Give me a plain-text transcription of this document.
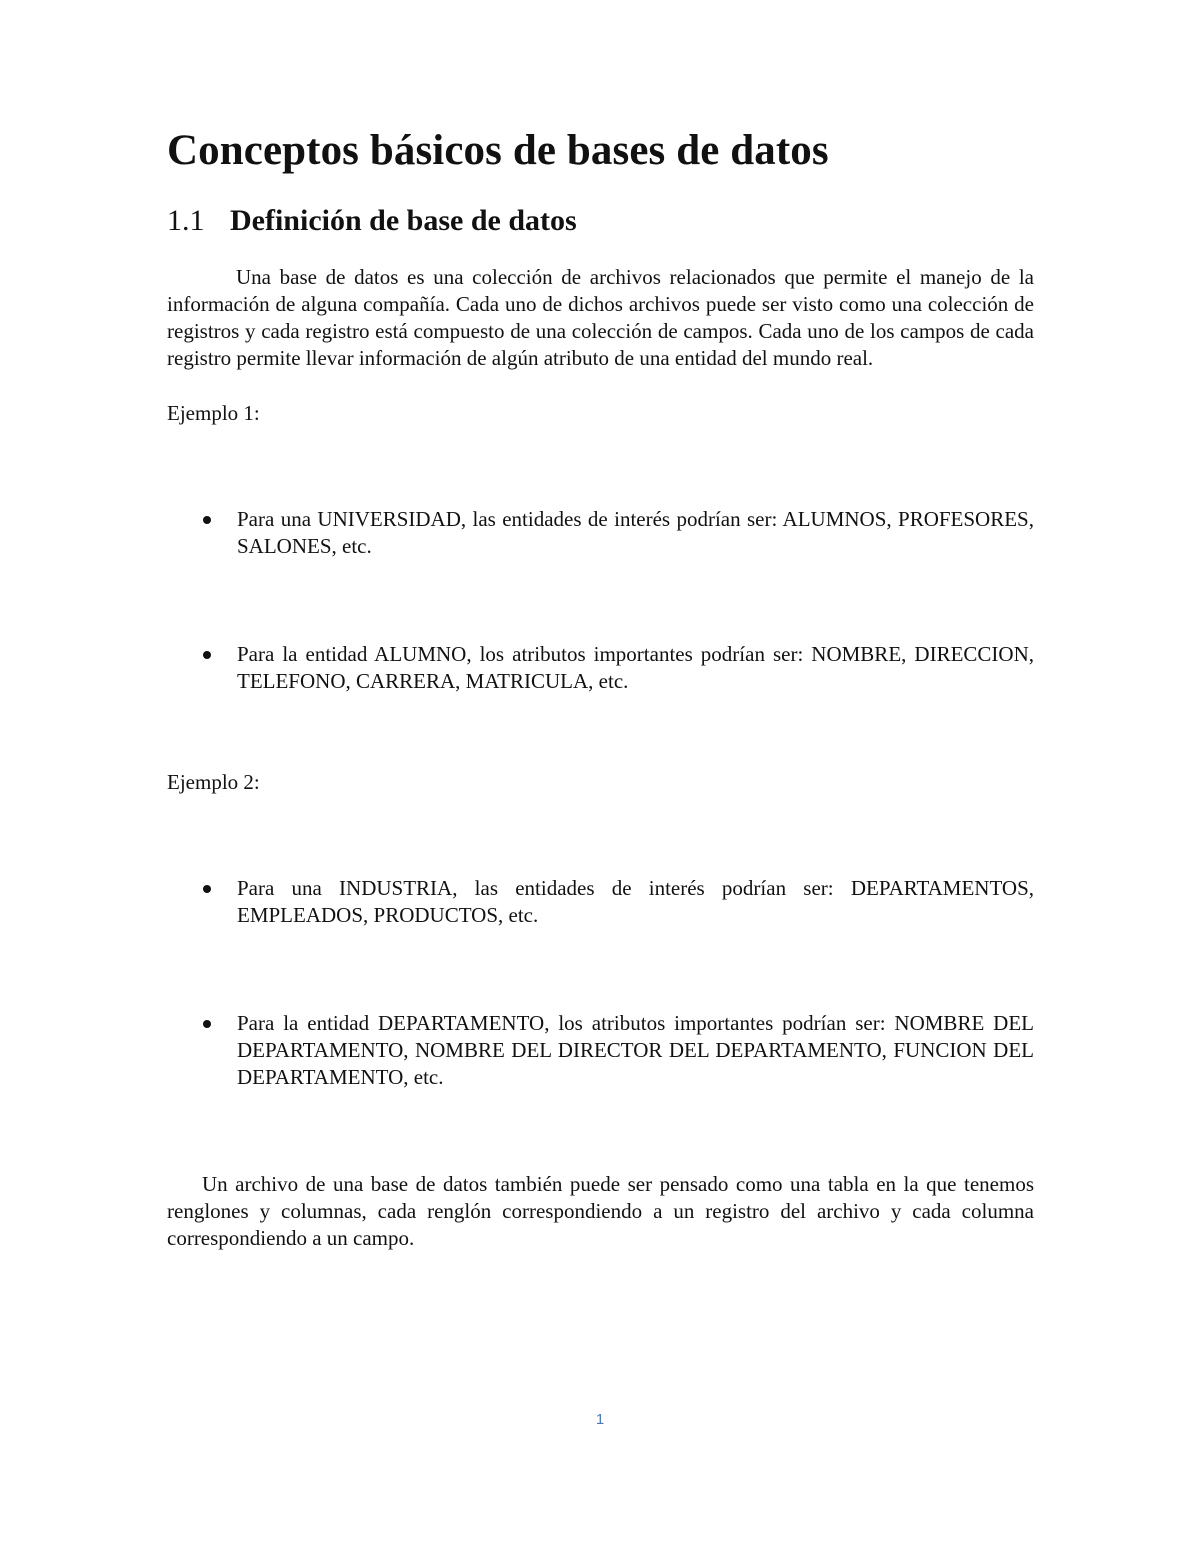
Conceptos básicos de bases de datos
1.1 Definición de base de datos

Una base de datos es una colección de archivos relacionados que permite el manejo de la información de alguna compañía. Cada uno de dichos archivos puede ser visto como una colección de registros y cada registro está compuesto de una colección de campos. Cada uno de los campos de cada registro permite llevar información de algún atributo de una entidad del mundo real.

Ejemplo 1:

Para una UNIVERSIDAD, las entidades de interés podrían ser: ALUMNOS, PROFESORES, SALONES, etc.
Para la entidad ALUMNO, los atributos importantes podrían ser: NOMBRE, DIRECCION, TELEFONO, CARRERA, MATRICULA, etc.

Ejemplo 2:

Para una INDUSTRIA, las entidades de interés podrían ser: DEPARTAMENTOS, EMPLEADOS, PRODUCTOS, etc.
Para la entidad DEPARTAMENTO, los atributos importantes podrían ser: NOMBRE DEL DEPARTAMENTO, NOMBRE DEL DIRECTOR DEL DEPARTAMENTO, FUNCION DEL DEPARTAMENTO, etc.

Un archivo de una base de datos también puede ser pensado como una tabla en la que tenemos renglones y columnas, cada renglón correspondiendo a un registro del archivo y cada columna correspondiendo a un campo.

1
